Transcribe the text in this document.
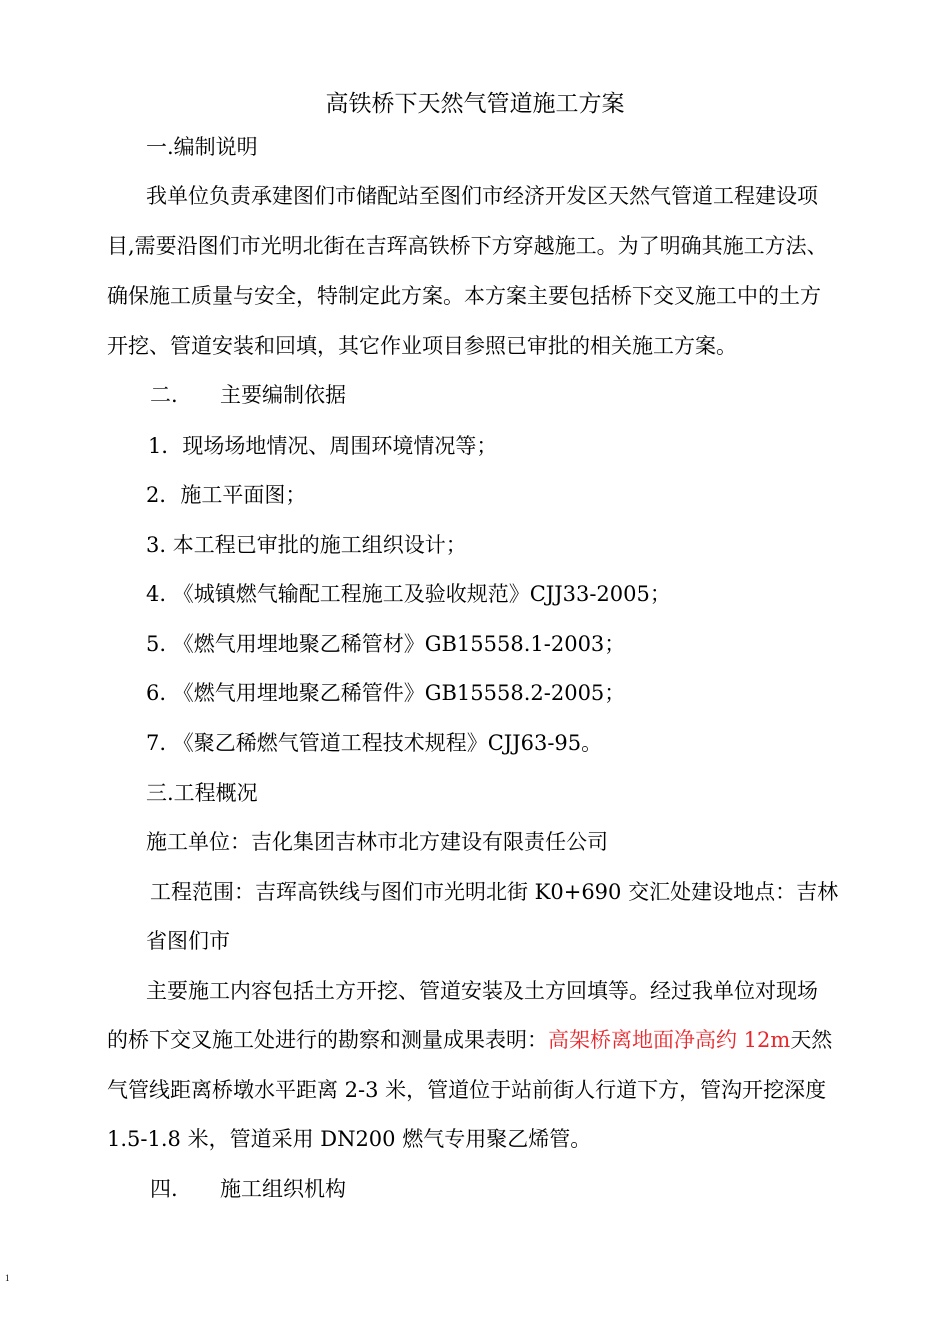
高铁桥下天然气管道施工方案
一.编制说明
我单位负责承建图们市储配站至图们市经济开发区天然气管道工程建设项
目,需要沿图们市光明北街在吉珲高铁桥下方穿越施工。为了明确其施工方法、
确保施工质量与安全，特制定此方案。本方案主要包括桥下交叉施工中的土方
开挖、管道安装和回填，其它作业项目参照已审批的相关施工方案。
二. 主要编制依据
1．现场场地情况、周围环境情况等；
2．施工平面图；
3. 本工程已审批的施工组织设计；
4. 《城镇燃气输配工程施工及验收规范》CJJ33-2005；
5. 《燃气用埋地聚乙稀管材》GB15558.1-2003；
6. 《燃气用埋地聚乙稀管件》GB15558.2-2005；
7. 《聚乙稀燃气管道工程技术规程》CJJ63-95。
三.工程概况
施工单位：吉化集团吉林市北方建设有限责任公司
工程范围：吉珲高铁线与图们市光明北街 K0+690 交汇处建设地点：吉林
省图们市
主要施工内容包括土方开挖、管道安装及土方回填等。经过我单位对现场
的桥下交叉施工处进行的勘察和测量成果表明：高架桥离地面净高约 12m天然
气管线距离桥墩水平距离 2-3 米，管道位于站前街人行道下方，管沟开挖深度
1.5-1.8 米，管道采用 DN200 燃气专用聚乙烯管。
四. 施工组织机构
1
